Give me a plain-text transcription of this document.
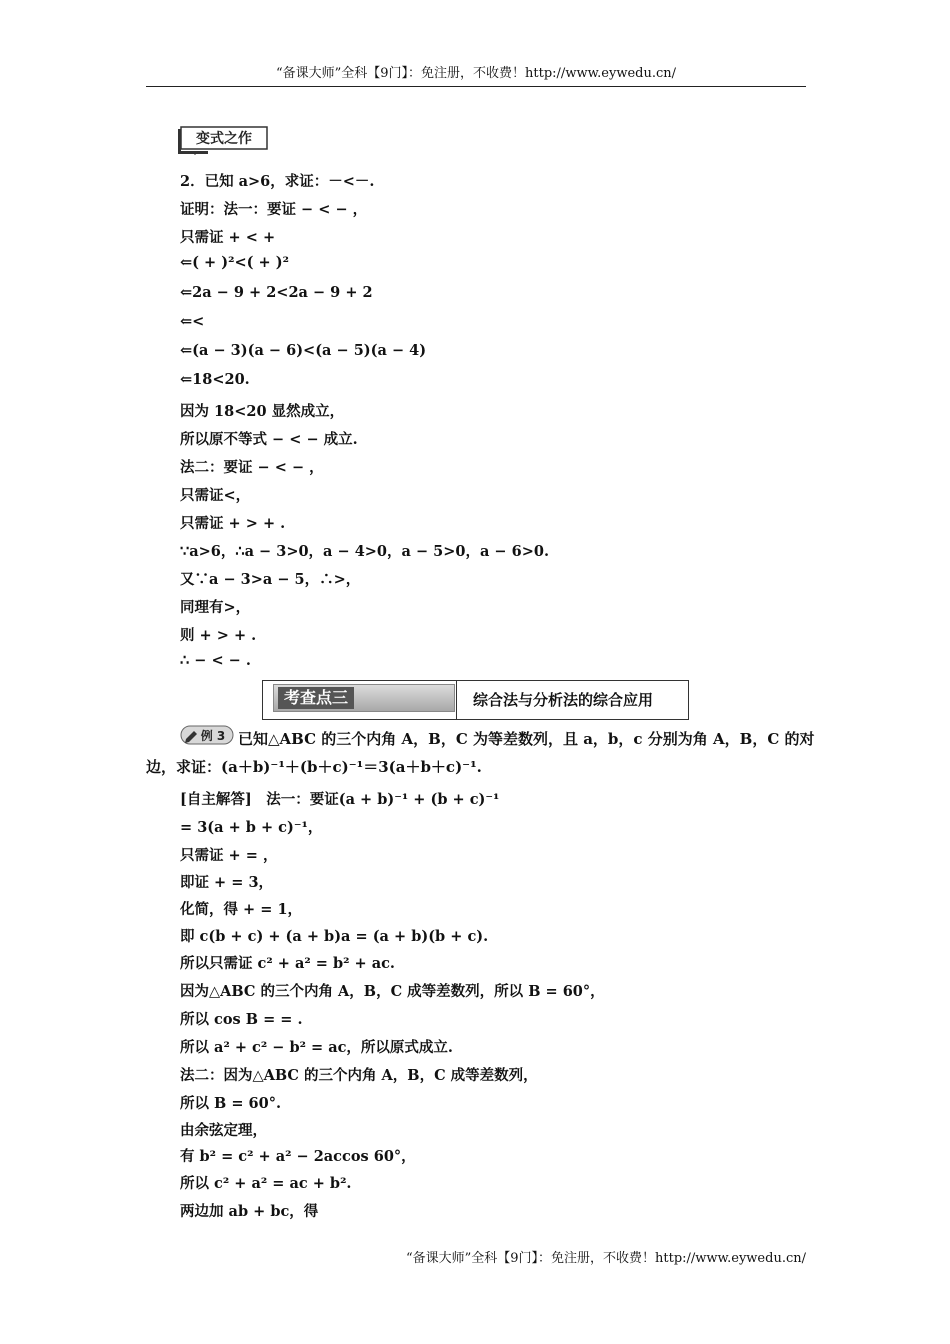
“备课大师”全科【9门】：免注册，不收费！http://www.eywedu.cn/
变式之作
2．已知 a>6，求证：－<－.
证明：法一：要证 − < − ，
只需证 + < +
⇐( + )²<( + )²
⇐2a − 9 + 2<2a − 9 + 2
⇐<
⇐(a − 3)(a − 6)<(a − 5)(a − 4)
⇐18<20.
因为 18<20 显然成立，
所以原不等式 − < − 成立.
法二：要证 − < − ，
只需证<，
只需证 + > + .
∵a>6，∴a − 3>0，a − 4>0，a − 5>0，a − 6>0.
又∵a − 3>a − 5，∴>，
同理有>，
则 + > + .
∴ − < − .
考查点三	综合法与分析法的综合应用
例 3 已知△ABC 的三个内角 A，B，C 为等差数列，且 a，b，c 分别为角 A，B，C 的对
边，求证：(a＋b)⁻¹＋(b＋c)⁻¹＝3(a＋b＋c)⁻¹.
[自主解答]　法一：要证(a + b)⁻¹ + (b + c)⁻¹
= 3(a + b + c)⁻¹，
只需证 + = ，
即证 + = 3，
化简，得 + = 1，
即 c(b + c) + (a + b)a = (a + b)(b + c).
所以只需证 c² + a² = b² + ac.
因为△ABC 的三个内角 A，B，C 成等差数列，所以 B = 60°，
所以 cos B = = .
所以 a² + c² − b² = ac，所以原式成立.
法二：因为△ABC 的三个内角 A，B，C 成等差数列，
所以 B = 60°.
由余弦定理，
有 b² = c² + a² − 2accos 60°，
所以 c² + a² = ac + b².
两边加 ab + bc，得
“备课大师”全科【9门】：免注册，不收费！http://www.eywedu.cn/
